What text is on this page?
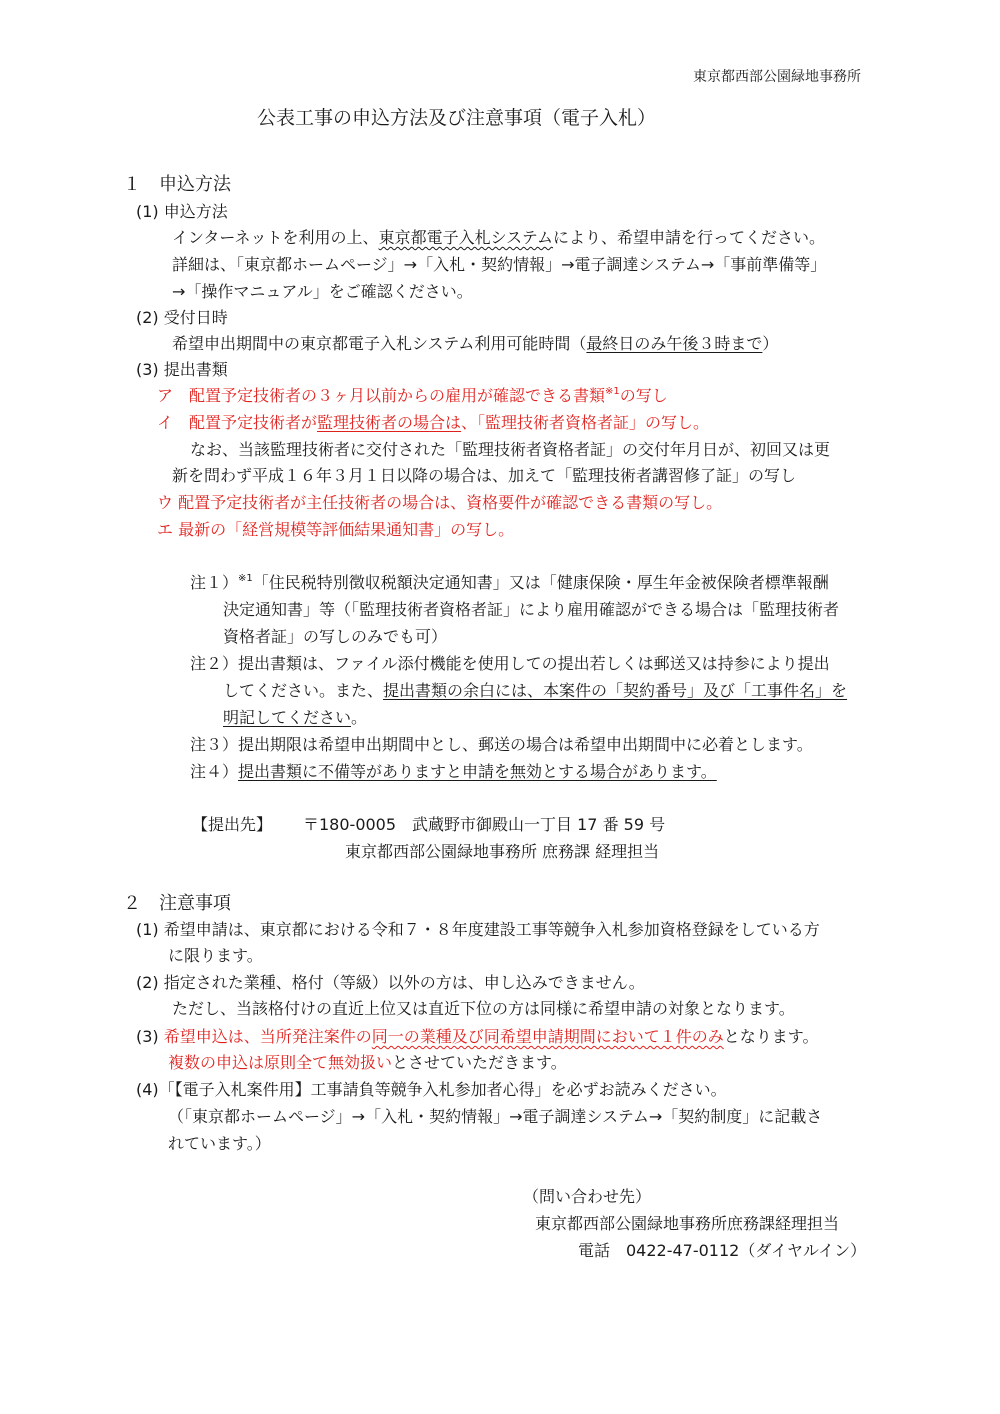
東京都西部公園緑地事務所
公表工事の申込方法及び注意事項（電子入札）
１　申込方法
(1) 申込方法
インターネットを利用の上、東京都電子入札システムにより、希望申請を行ってください。
詳細は、「東京都ホームページ」→「入札・契約情報」→電子調達システム→「事前準備等」
→「操作マニュアル」をご確認ください。
(2) 受付日時
希望申出期間中の東京都電子入札システム利用可能時間（最終日のみ午後３時まで）
(3) 提出書類
ア　配置予定技術者の３ヶ月以前からの雇用が確認できる書類$^{※1}$の写し
イ　配置予定技術者が監理技術者の場合は、「監理技術者資格者証」の写し。
なお、当該監理技術者に交付された「監理技術者資格者証」の交付年月日が、初回又は更
新を問わず平成１６年３月１日以降の場合は、加えて「監理技術者講習修了証」の写し
ウ 配置予定技術者が主任技術者の場合は、資格要件が確認できる書類の写し。
エ 最新の「経営規模等評価結果通知書」の写し。
注１）$^{※1}$「住民税特別徴収税額決定通知書」又は「健康保険・厚生年金被保険者標準報酬
決定通知書」等（「監理技術者資格者証」により雇用確認ができる場合は「監理技術者
資格者証」の写しのみでも可）
注２）提出書類は、ファイル添付機能を使用しての提出若しくは郵送又は持参により提出
してください。また、提出書類の余白には、本案件の「契約番号」及び「工事件名」を
明記してください。
注３）提出期限は希望申出期間中とし、郵送の場合は希望申出期間中に必着とします。
注４）提出書類に不備等がありますと申請を無効とする場合があります。
【提出先】 〒180-0005　武蔵野市御殿山一丁目 17 番 59 号
東京都西部公園緑地事務所 庶務課 経理担当
２　注意事項
(1) 希望申請は、東京都における令和７・８年度建設工事等競争入札参加資格登録をしている方
に限ります。
(2) 指定された業種、格付（等級）以外の方は、申し込みできません。
ただし、当該格付けの直近上位又は直近下位の方は同様に希望申請の対象となります。
(3) 希望申込は、当所発注案件の同一の業種及び同希望申請期間において１件のみとなります。
複数の申込は原則全て無効扱いとさせていただきます。
(4)「【電子入札案件用】工事請負等競争入札参加者心得」を必ずお読みください。
（「東京都ホームページ」→「入札・契約情報」→電子調達システム→「契約制度」に記載さ
れています。）
（問い合わせ先）
東京都西部公園緑地事務所庶務課経理担当
電話　0422-47-0112（ダイヤルイン）
